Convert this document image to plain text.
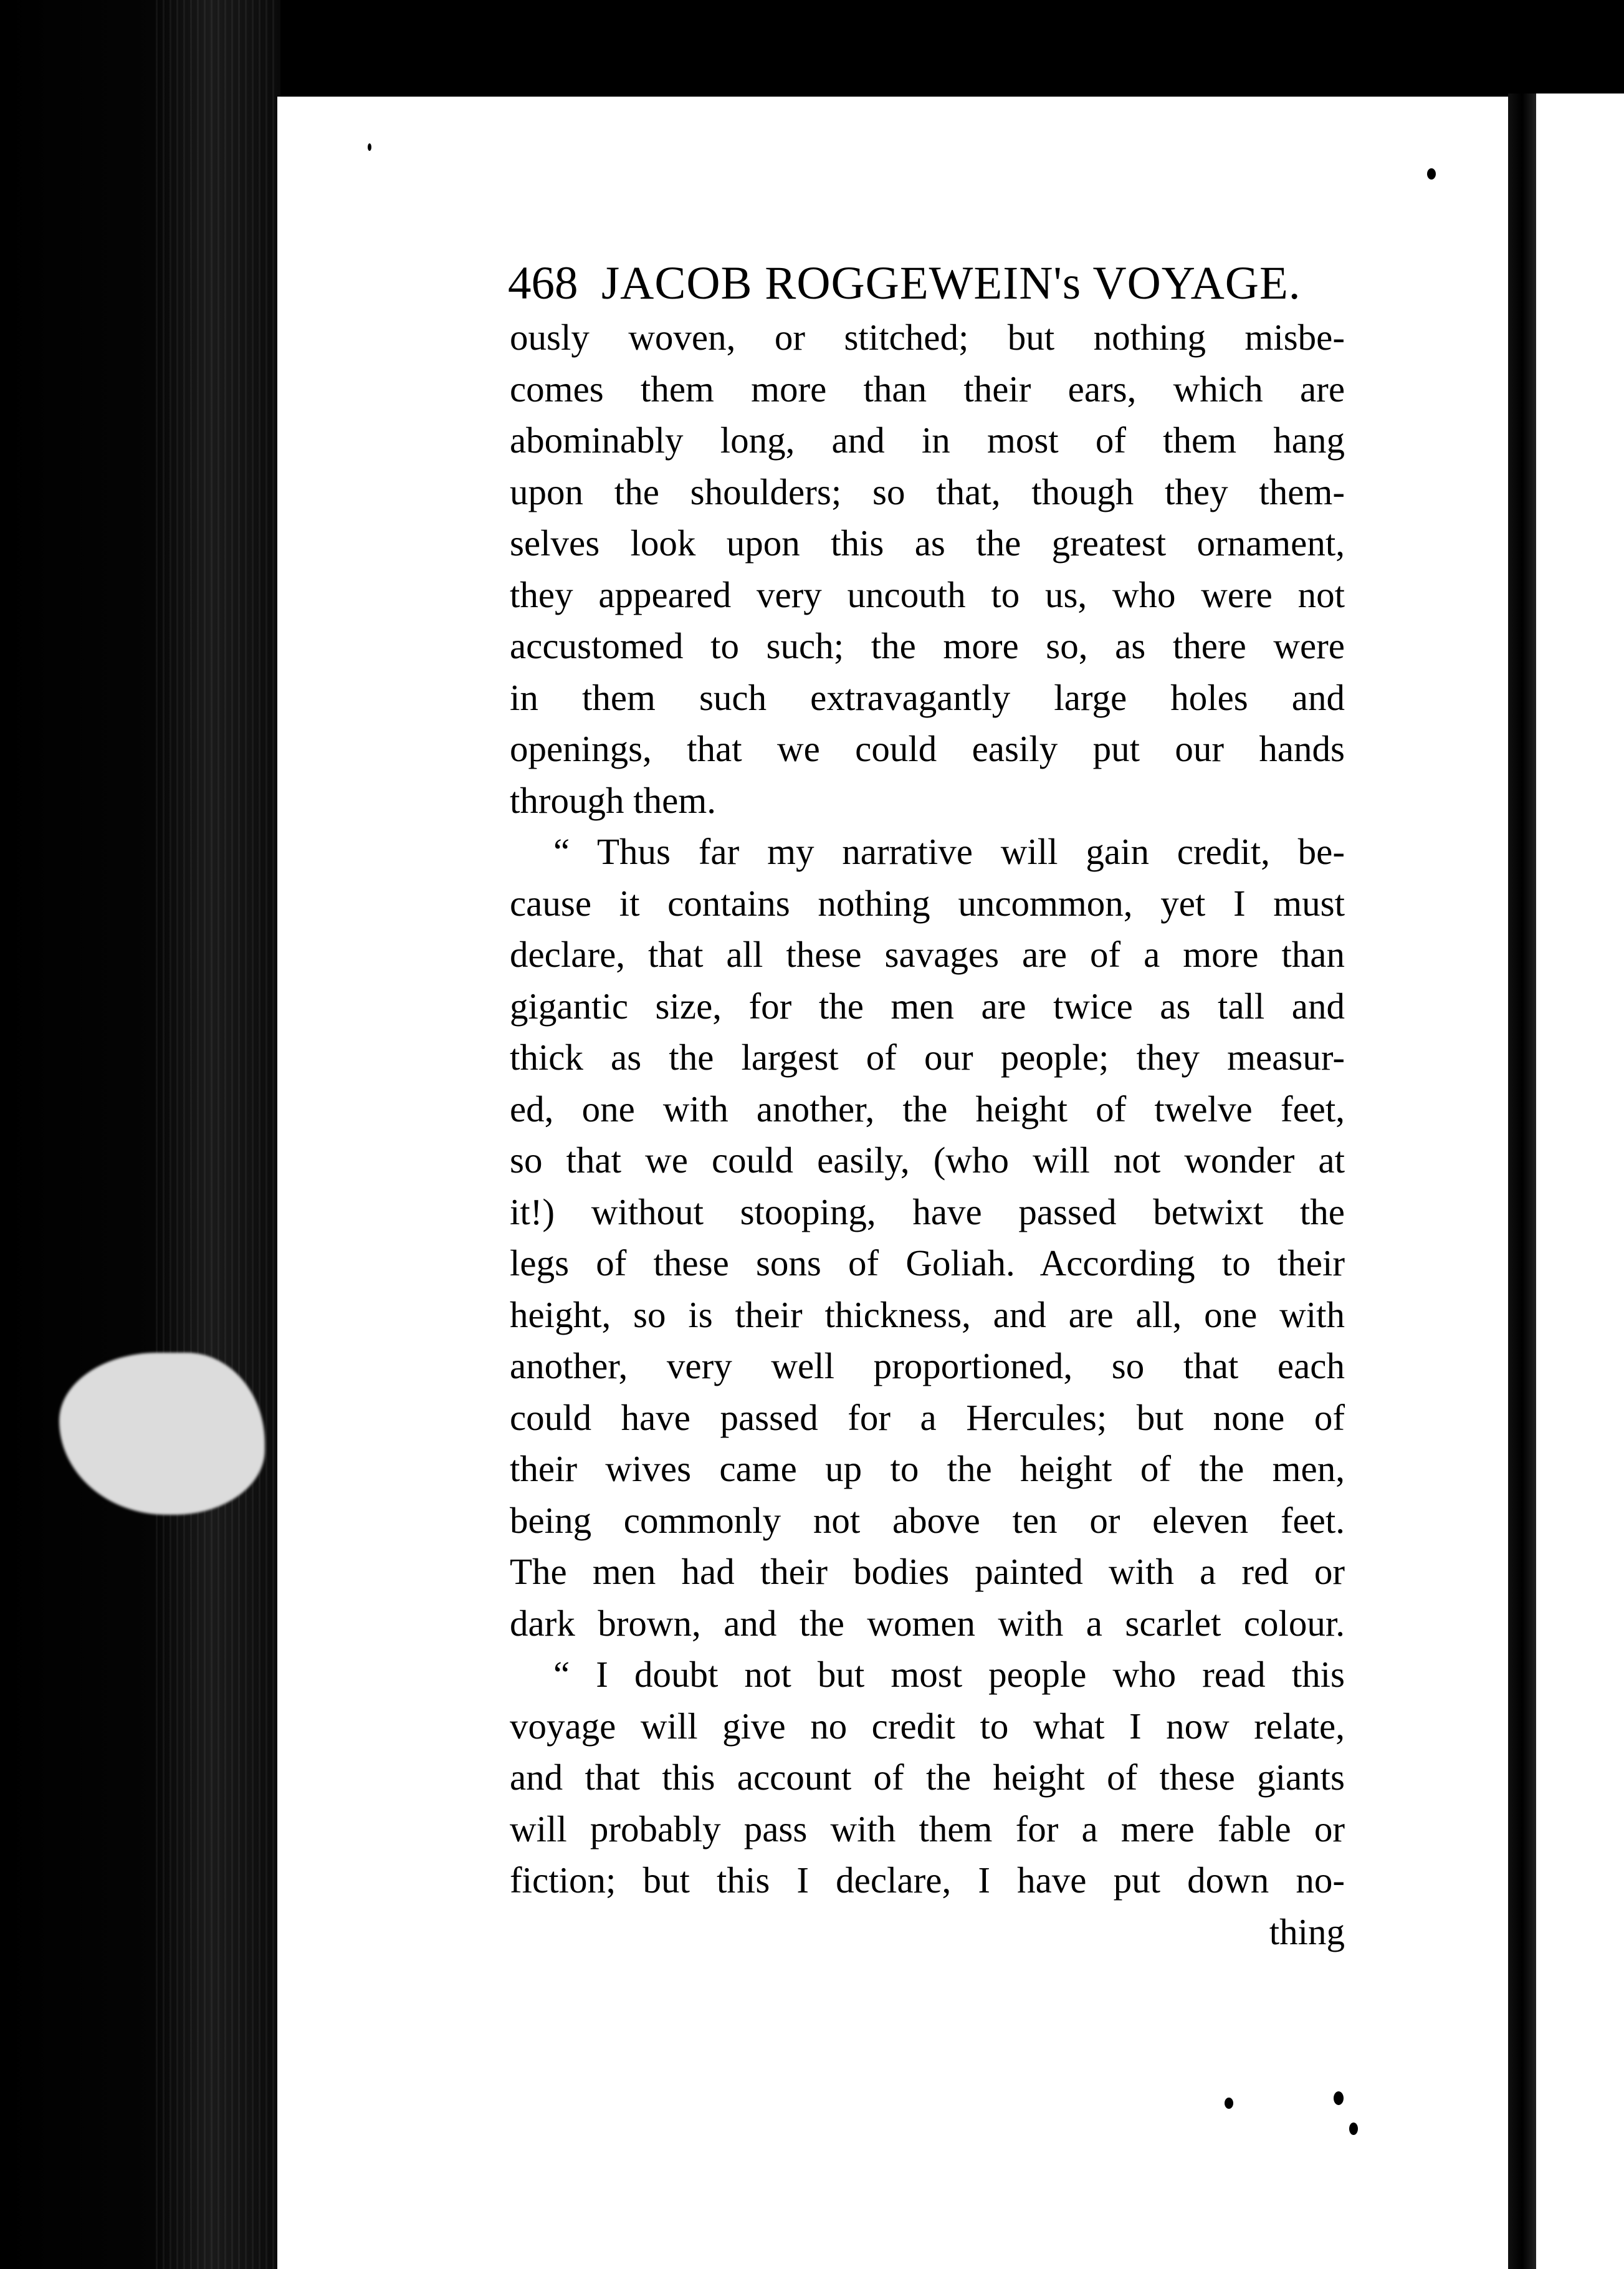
468 JACOB ROGGEWEIN's VOYAGE.
ously woven, or stitched; but nothing misbe-
comes them more than their ears, which are
abominably long, and in most of them hang
upon the shoulders; so that, though they them-
selves look upon this as the greatest ornament,
they appeared very uncouth to us, who were not
accustomed to such; the more so, as there were
in them such extravagantly large holes and
openings, that we could easily put our hands
through them.
“ Thus far my narrative will gain credit, be-
cause it contains nothing uncommon, yet I must
declare, that all these savages are of a more than
gigantic size, for the men are twice as tall and
thick as the largest of our people; they measur-
ed, one with another, the height of twelve feet,
so that we could easily, (who will not wonder at
it!) without stooping, have passed betwixt the
legs of these sons of Goliah. According to their
height, so is their thickness, and are all, one with
another, very well proportioned, so that each
could have passed for a Hercules; but none of
their wives came up to the height of the men,
being commonly not above ten or eleven feet.
The men had their bodies painted with a red or
dark brown, and the women with a scarlet colour.
“ I doubt not but most people who read this
voyage will give no credit to what I now relate,
and that this account of the height of these giants
will probably pass with them for a mere fable or
fiction; but this I declare, I have put down no-
thing
